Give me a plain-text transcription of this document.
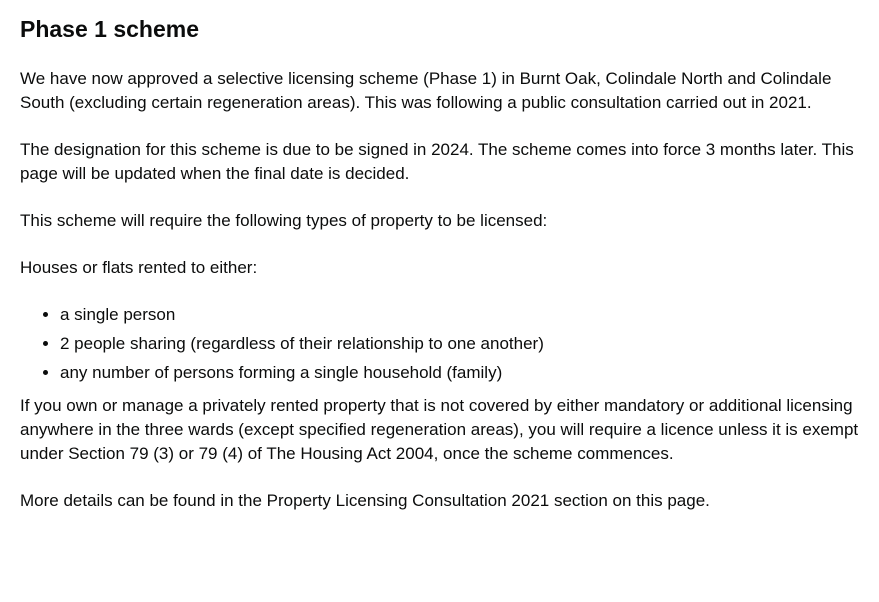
Phase 1 scheme

We have now approved a selective licensing scheme (Phase 1) in Burnt Oak, Colindale North and Colindale South (excluding certain regeneration areas). This was following a public consultation carried out in 2021.

The designation for this scheme is due to be signed in 2024. The scheme comes into force 3 months later. This page will be updated when the final date is decided.

This scheme will require the following types of property to be licensed:

Houses or flats rented to either:

• a single person
• 2 people sharing (regardless of their relationship to one another)
• any number of persons forming a single household (family)

If you own or manage a privately rented property that is not covered by either mandatory or additional licensing anywhere in the three wards (except specified regeneration areas), you will require a licence unless it is exempt under Section 79 (3) or 79 (4) of The Housing Act 2004, once the scheme commences.

More details can be found in the Property Licensing Consultation 2021 section on this page.
